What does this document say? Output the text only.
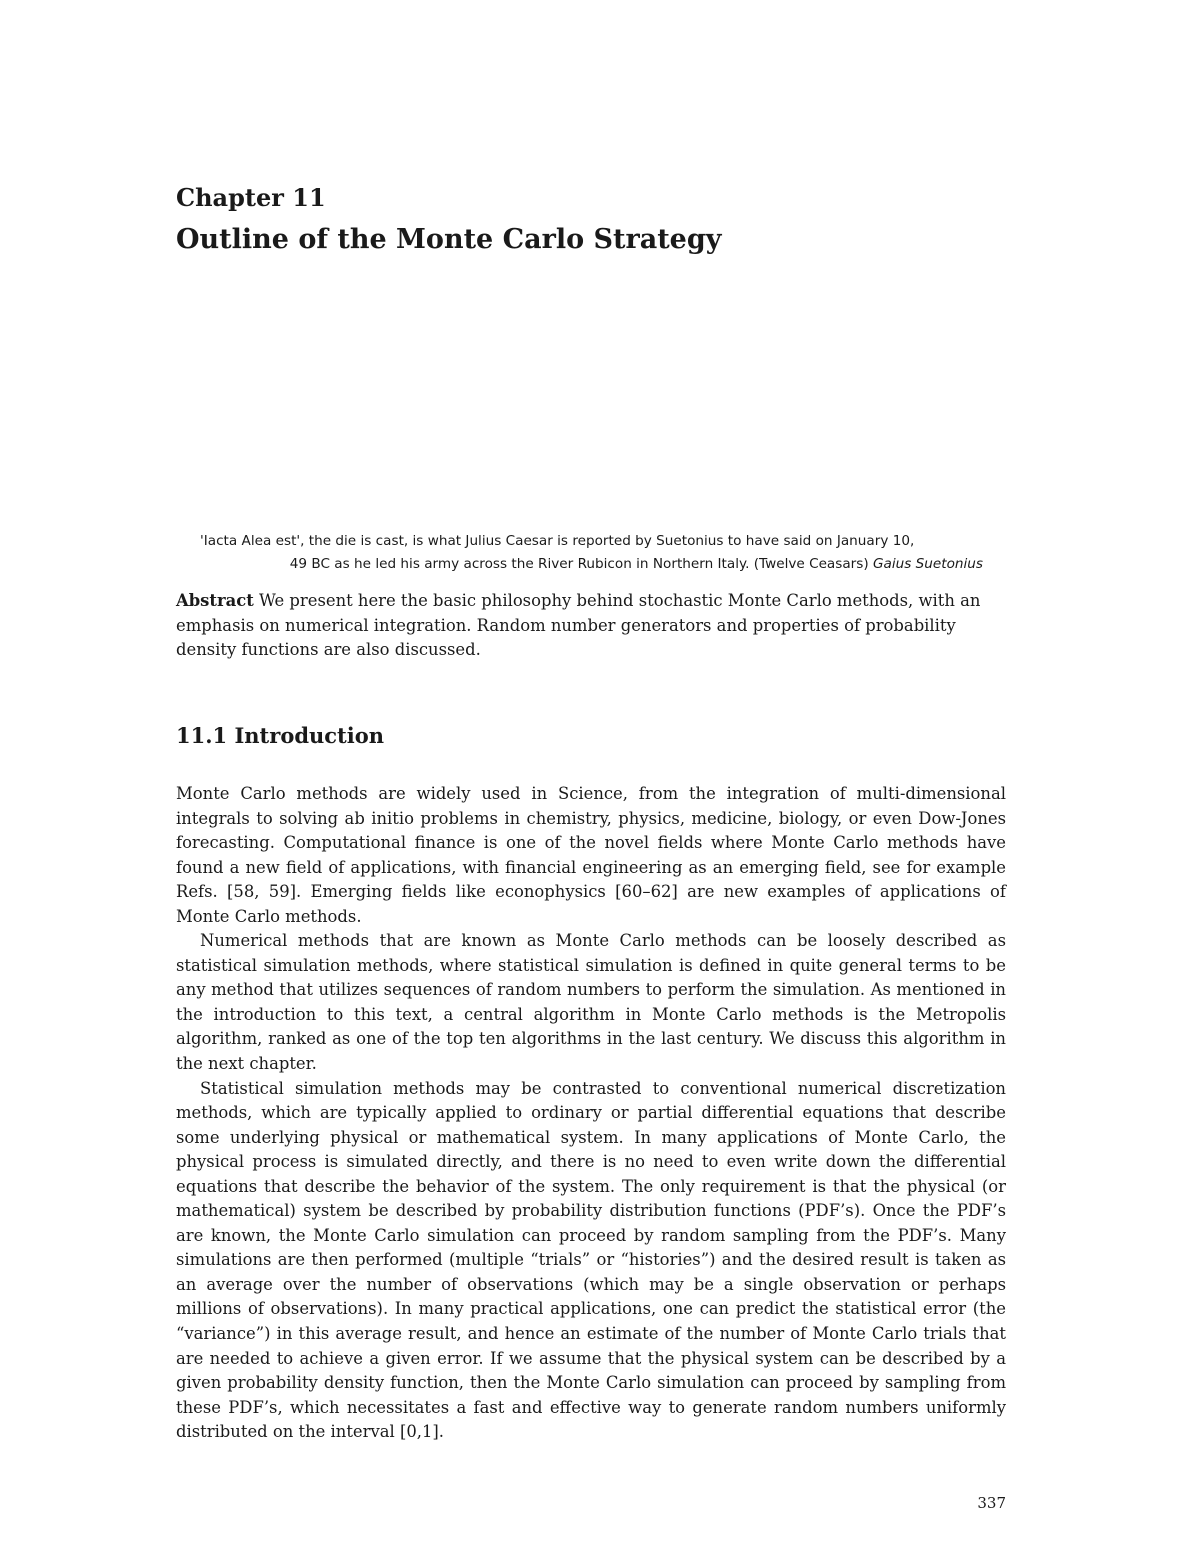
Chapter 11
Outline of the Monte Carlo Strategy
'Iacta Alea est', the die is cast, is what Julius Caesar is reported by Suetonius to have said on January 10,
49 BC as he led his army across the River Rubicon in Northern Italy. (Twelve Ceasars) Gaius Suetonius

Abstract We present here the basic philosophy behind stochastic Monte Carlo methods, with an emphasis on numerical integration. Random number generators and properties of probability density functions are also discussed.

11.1 Introduction

Monte Carlo methods are widely used in Science, from the integration of multi-dimensional integrals to solving ab initio problems in chemistry, physics, medicine, biology, or even Dow-Jones forecasting. Computational finance is one of the novel fields where Monte Carlo methods have found a new field of applications, with financial engineering as an emerging field, see for example Refs. [58, 59]. Emerging fields like econophysics [60–62] are new examples of applications of Monte Carlo methods.

Numerical methods that are known as Monte Carlo methods can be loosely described as statistical simulation methods, where statistical simulation is defined in quite general terms to be any method that utilizes sequences of random numbers to perform the simulation. As mentioned in the introduction to this text, a central algorithm in Monte Carlo methods is the Metropolis algorithm, ranked as one of the top ten algorithms in the last century. We discuss this algorithm in the next chapter.

Statistical simulation methods may be contrasted to conventional numerical discretization methods, which are typically applied to ordinary or partial differential equations that describe some underlying physical or mathematical system. In many applications of Monte Carlo, the physical process is simulated directly, and there is no need to even write down the differential equations that describe the behavior of the system. The only requirement is that the physical (or mathematical) system be described by probability distribution functions (PDF’s). Once the PDF’s are known, the Monte Carlo simulation can proceed by random sampling from the PDF’s. Many simulations are then performed (multiple “trials” or “histories”) and the desired result is taken as an average over the number of observations (which may be a single observation or perhaps millions of observations). In many practical applications, one can predict the statistical error (the “variance”) in this average result, and hence an estimate of the number of Monte Carlo trials that are needed to achieve a given error. If we assume that the physical system can be described by a given probability density function, then the Monte Carlo simulation can proceed by sampling from these PDF’s, which necessitates a fast and effective way to generate random numbers uniformly distributed on the interval [0,1].

337
